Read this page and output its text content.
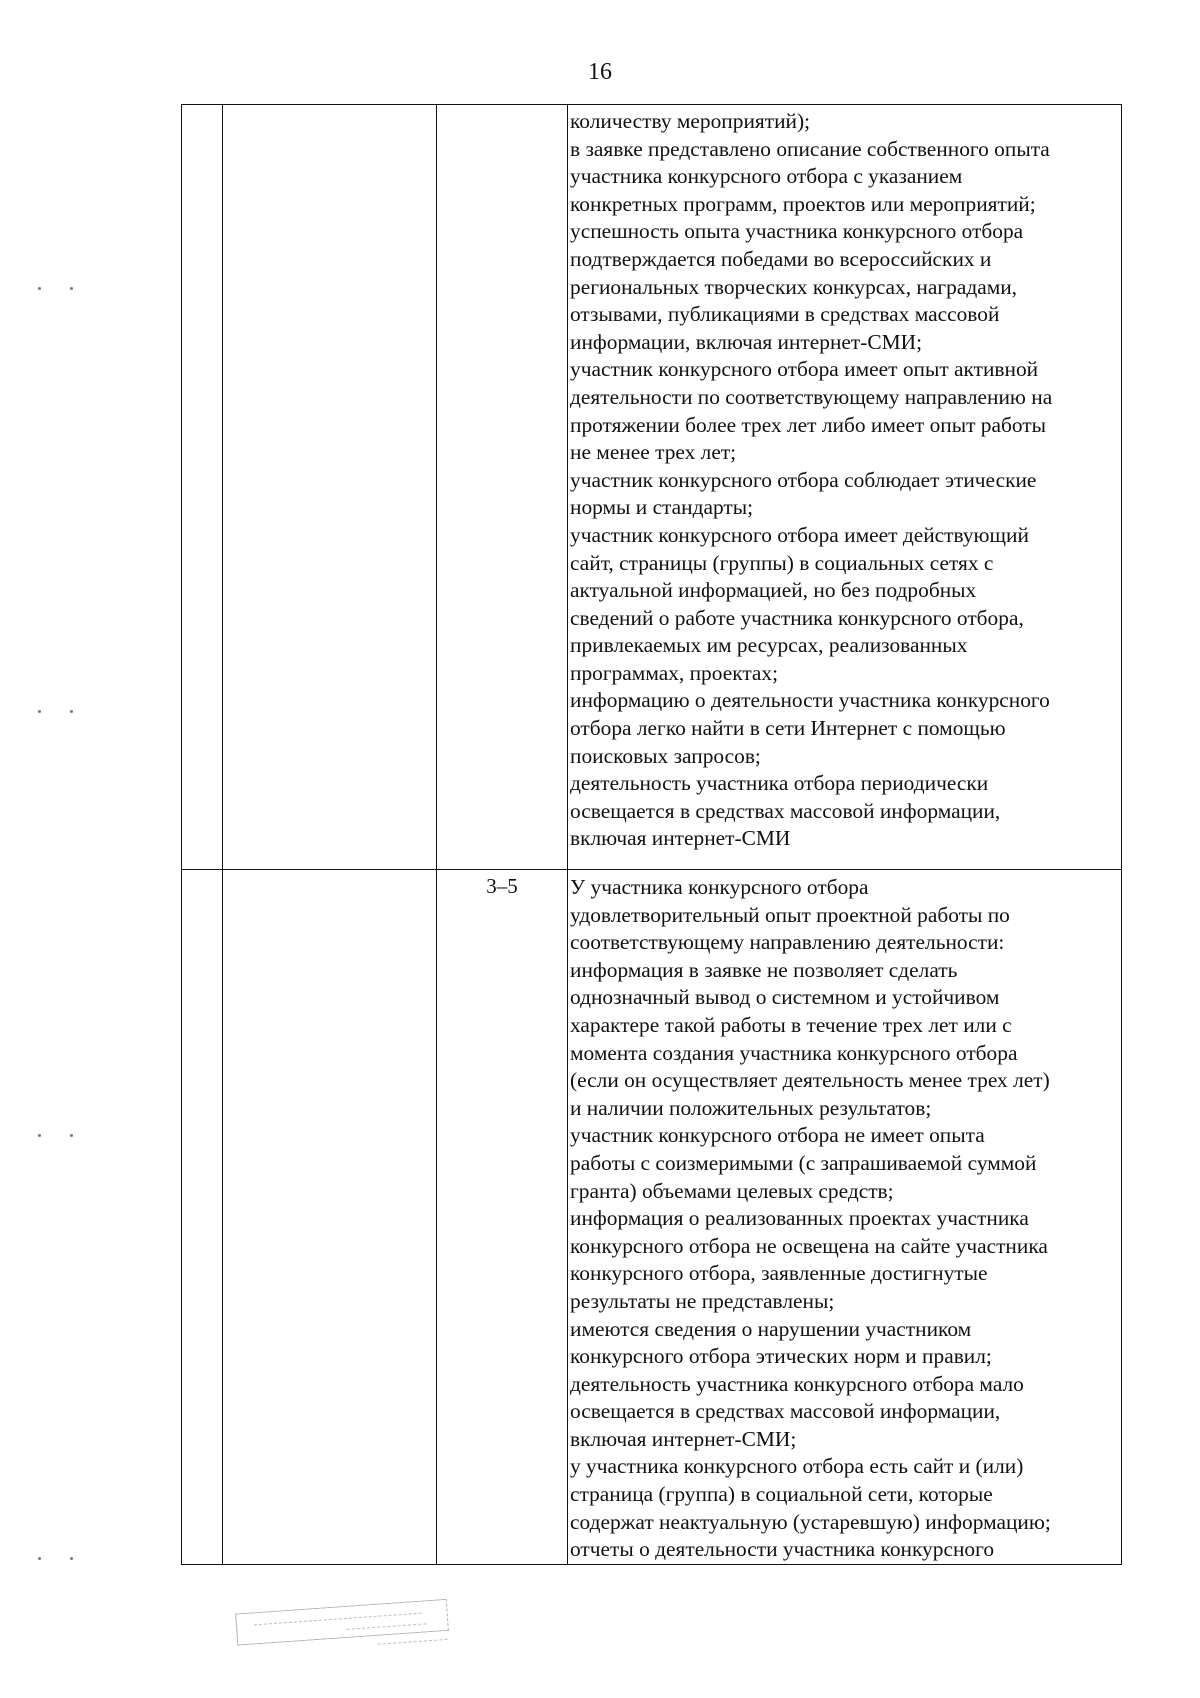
16
количеству мероприятий);
в заявке представлено описание собственного опыта
участника конкурсного отбора с указанием
конкретных программ, проектов или мероприятий;
успешность опыта участника конкурсного отбора
подтверждается победами во всероссийских и
региональных творческих конкурсах, наградами,
отзывами, публикациями в средствах массовой
информации, включая интернет-СМИ;
участник конкурсного отбора имеет опыт активной
деятельности по соответствующему направлению на
протяжении более трех лет либо имеет опыт работы
не менее трех лет;
участник конкурсного отбора соблюдает этические
нормы и стандарты;
участник конкурсного отбора имеет действующий
сайт, страницы (группы) в социальных сетях с
актуальной информацией, но без подробных
сведений о работе участника конкурсного отбора,
привлекаемых им ресурсах, реализованных
программах, проектах;
информацию о деятельности участника конкурсного
отбора легко найти в сети Интернет с помощью
поисковых запросов;
деятельность участника отбора периодически
освещается в средствах массовой информации,
включая интернет-СМИ
3–5	У участника конкурсного отбора
удовлетворительный опыт проектной работы по
соответствующему направлению деятельности:
информация в заявке не позволяет сделать
однозначный вывод о системном и устойчивом
характере такой работы в течение трех лет или с
момента создания участника конкурсного отбора
(если он осуществляет деятельность менее трех лет)
и наличии положительных результатов;
участник конкурсного отбора не имеет опыта
работы с соизмеримыми (с запрашиваемой суммой
гранта) объемами целевых средств;
информация о реализованных проектах участника
конкурсного отбора не освещена на сайте участника
конкурсного отбора, заявленные достигнутые
результаты не представлены;
имеются сведения о нарушении участником
конкурсного отбора этических норм и правил;
деятельность участника конкурсного отбора мало
освещается в средствах массовой информации,
включая интернет-СМИ;
у участника конкурсного отбора есть сайт и (или)
страница (группа) в социальной сети, которые
содержат неактуальную (устаревшую) информацию;
отчеты о деятельности участника конкурсного
